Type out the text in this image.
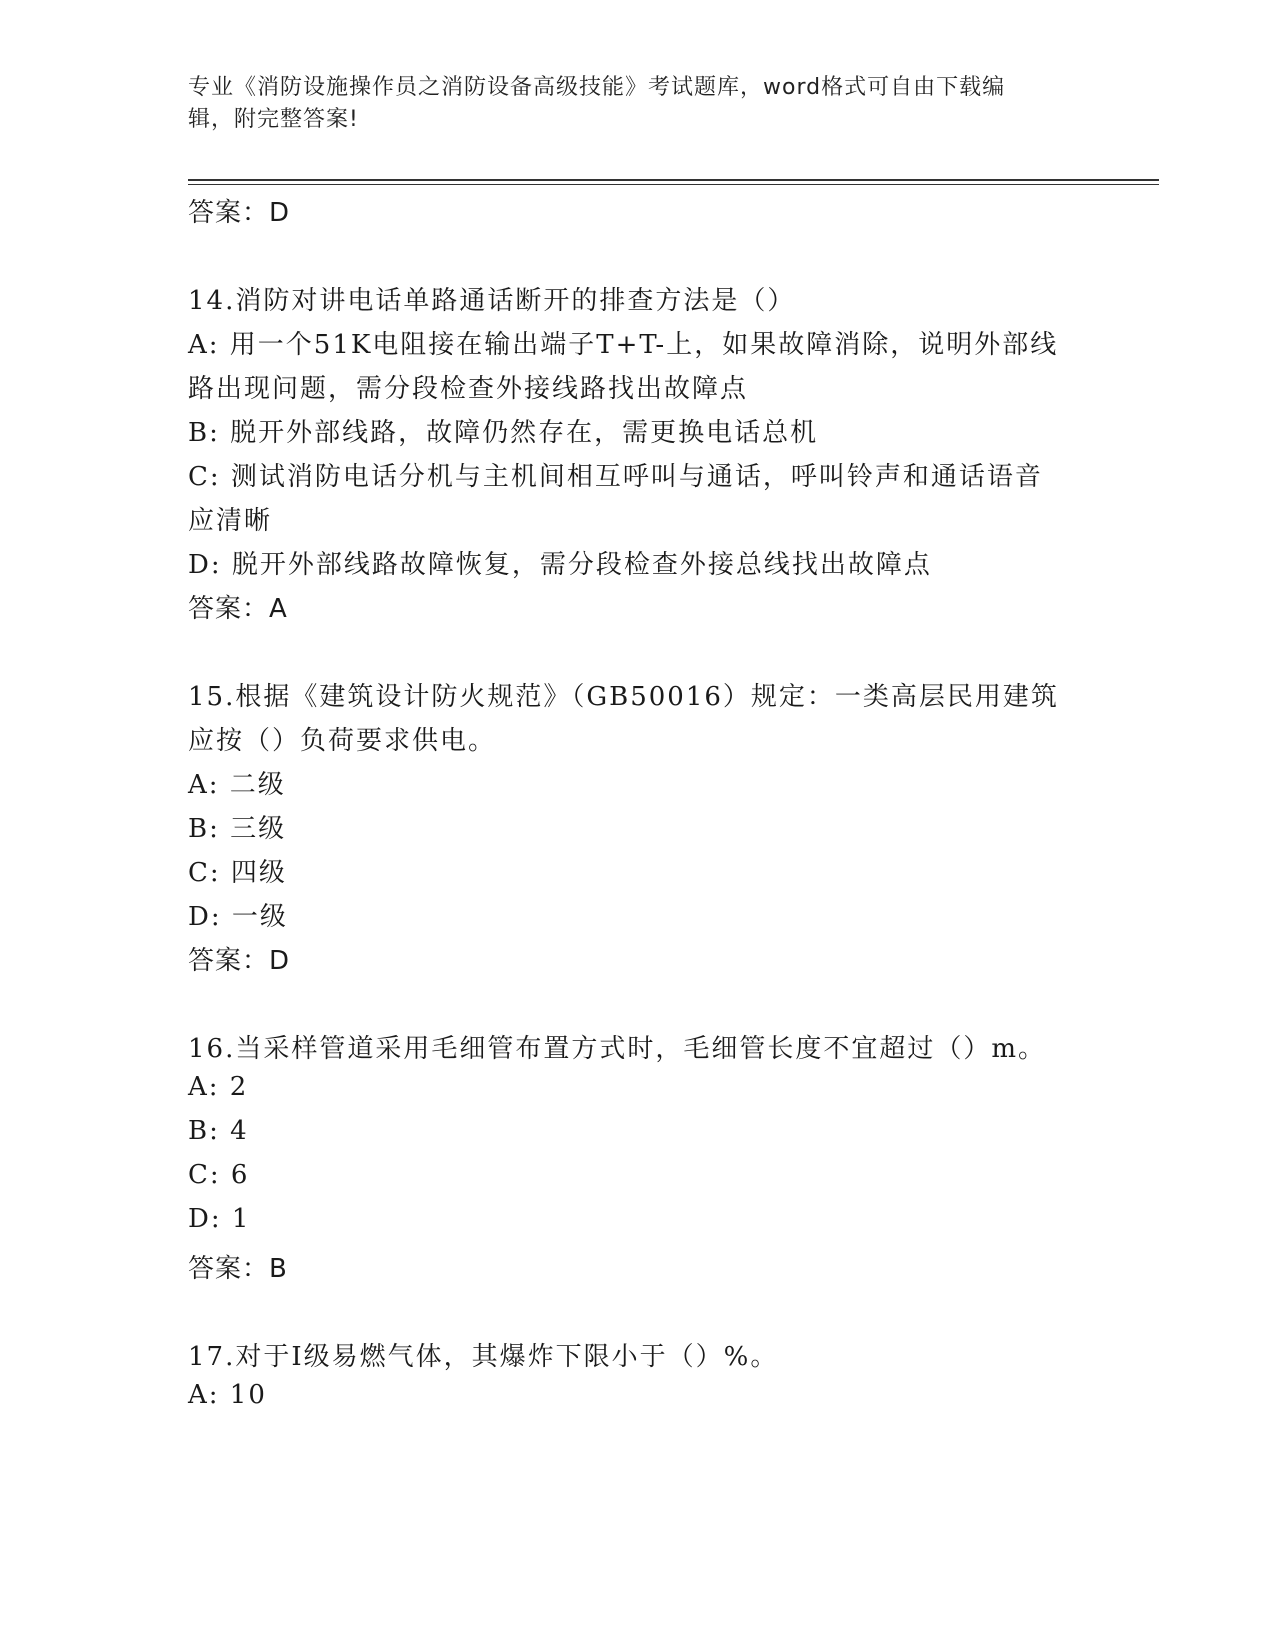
专业《消防设施操作员之消防设备高级技能》考试题库，word格式可自由下载编
辑，附完整答案!
答案：D
14.消防对讲电话单路通话断开的排查方法是（）
A: 用一个51K电阻接在输出端子T+T-上，如果故障消除，说明外部线
路出现问题，需分段检查外接线路找出故障点
B: 脱开外部线路，故障仍然存在，需更换电话总机
C: 测试消防电话分机与主机间相互呼叫与通话，呼叫铃声和通话语音
应清晰
D: 脱开外部线路故障恢复，需分段检查外接总线找出故障点
答案：A
15.根据《建筑设计防火规范》（GB50016）规定：一类高层民用建筑
应按（）负荷要求供电。
A: 二级
B: 三级
C: 四级
D: 一级
答案：D
16.当采样管道采用毛细管布置方式时，毛细管长度不宜超过（）m。
A: 2
B: 4
C: 6
D: 1
答案：B
17.对于Ⅰ级易燃气体，其爆炸下限小于（）%。
A: 10
